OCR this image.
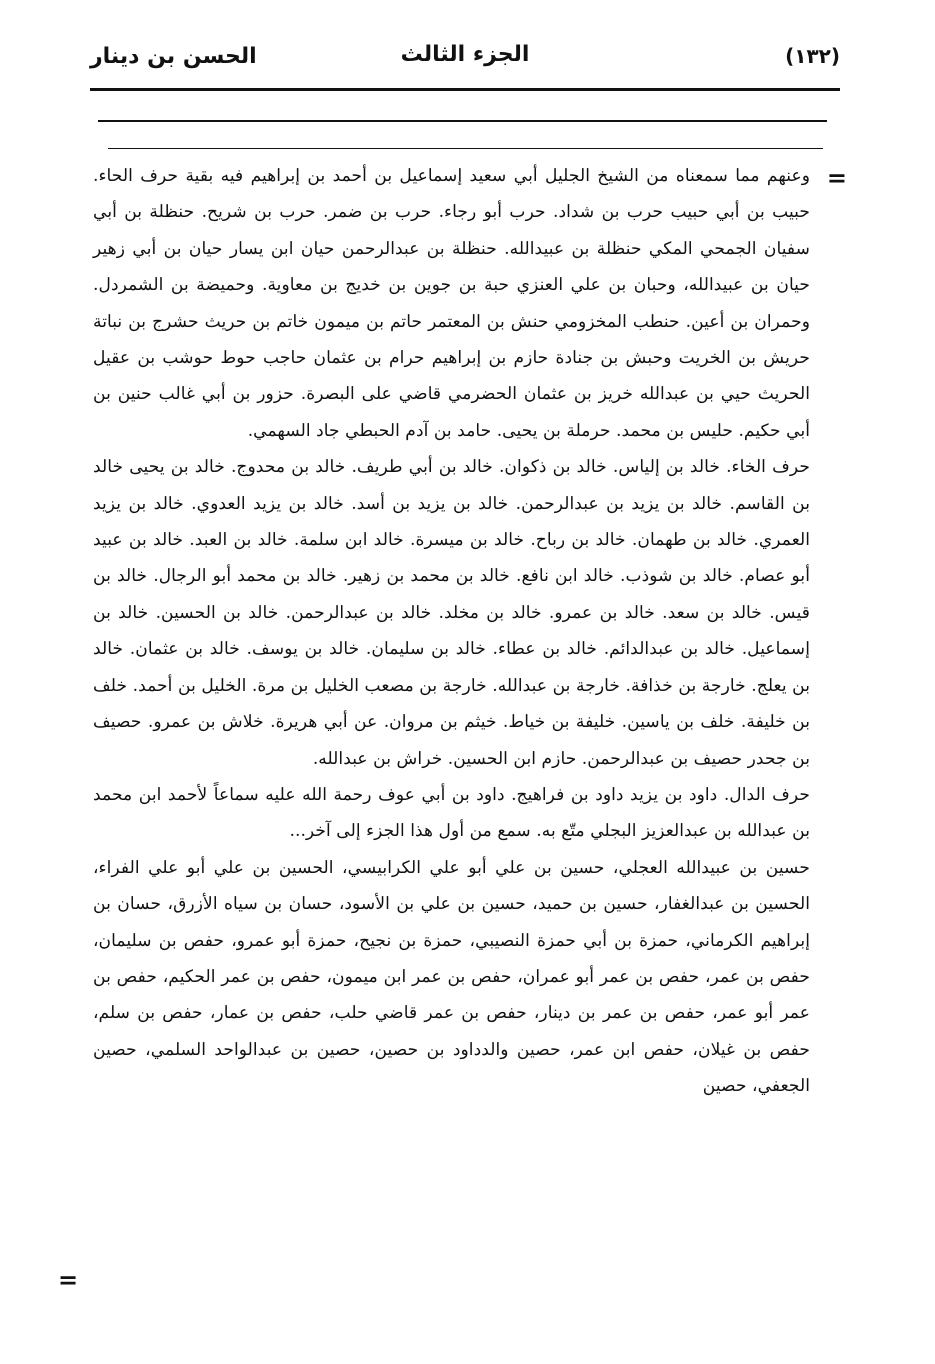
(١٣٢)
الجزء الثالث
الحسن بن دينار
=
=

وعنهم مما سمعناه من الشيخ الجليل أبي سعيد إسماعيل بن أحمد بن إبراهيم فيه بقية حرف الحاء. حبيب بن أبي حبيب حرب بن شداد. حرب أبو رجاء. حرب بن ضمر. حرب بن شريح. حنظلة بن أبي سفيان الجمحي المكي حنظلة بن عبيدالله. حنظلة بن عبدالرحمن حيان ابن يسار حيان بن أبي زهير حيان بن عبيدالله، وحبان بن علي العنزي حبة بن جوين بن خديج بن معاوية. وحميضة بن الشمردل. وحمران بن أعين. حنطب المخزومي حنش بن المعتمر حاتم بن ميمون خاتم بن حريث حشرج بن نباتة حريش بن الخريت وحبش بن جنادة حازم بن إبراهيم حرام بن عثمان حاجب حوط حوشب بن عقيل الحريث حيي بن عبدالله خريز بن عثمان الحضرمي قاضي على البصرة. حزور بن أبي غالب حنين بن أبي حكيم. حليس بن محمد. حرملة بن يحيى. حامد بن آدم الحبطي جاد السهمي.

حرف الخاء. خالد بن إلياس. خالد بن ذكوان. خالد بن أبي طريف. خالد بن محدوج. خالد بن يحيى خالد بن القاسم. خالد بن يزيد بن عبدالرحمن. خالد بن يزيد بن أسد. خالد بن يزيد العدوي. خالد بن يزيد العمري. خالد بن طهمان. خالد بن رباح. خالد بن ميسرة. خالد ابن سلمة. خالد بن العبد. خالد بن عبيد أبو عصام. خالد بن شوذب. خالد ابن نافع. خالد بن محمد بن زهير. خالد بن محمد أبو الرجال. خالد بن قيس. خالد بن سعد. خالد بن عمرو. خالد بن مخلد. خالد بن عبدالرحمن. خالد بن الحسين. خالد بن إسماعيل. خالد بن عبدالدائم. خالد بن عطاء. خالد بن سليمان. خالد بن يوسف. خالد بن عثمان. خالد بن يعلج. خارجة بن خذافة. خارجة بن عبدالله. خارجة بن مصعب الخليل بن مرة. الخليل بن أحمد. خلف بن خليفة. خلف بن ياسين. خليفة بن خياط. خيثم بن مروان. عن أبي هريرة. خلاش بن عمرو. حصيف بن جحدر حصيف بن عبدالرحمن. حازم ابن الحسين. خراش بن عبدالله.

حرف الدال. داود بن يزيد داود بن فراهيج. داود بن أبي عوف رحمة الله عليه سماعاً لأحمد ابن محمد بن عبدالله بن عبدالعزيز البجلي متّع به. سمع من أول هذا الجزء إلى آخر...

حسين بن عبيدالله العجلي، حسين بن علي أبو علي الكرابيسي، الحسين بن علي أبو علي الفراء، الحسين بن عبدالغفار، حسين بن حميد، حسين بن علي بن الأسود، حسان بن سياه الأزرق، حسان بن إبراهيم الكرماني، حمزة بن أبي حمزة النصيبي، حمزة بن نجيح، حمزة أبو عمرو، حفص بن سليمان، حفص بن عمر، حفص بن عمر أبو عمران، حفص بن عمر ابن ميمون، حفص بن عمر الحكيم، حفص بن عمر أبو عمر، حفص بن عمر بن دينار، حفص بن عمر قاضي حلب، حفص بن عمار، حفص بن سلم، حفص بن غيلان، حفص ابن عمر، حصين والدداود بن حصين، حصين بن عبدالواحد السلمي، حصين الجعفي، حصين
